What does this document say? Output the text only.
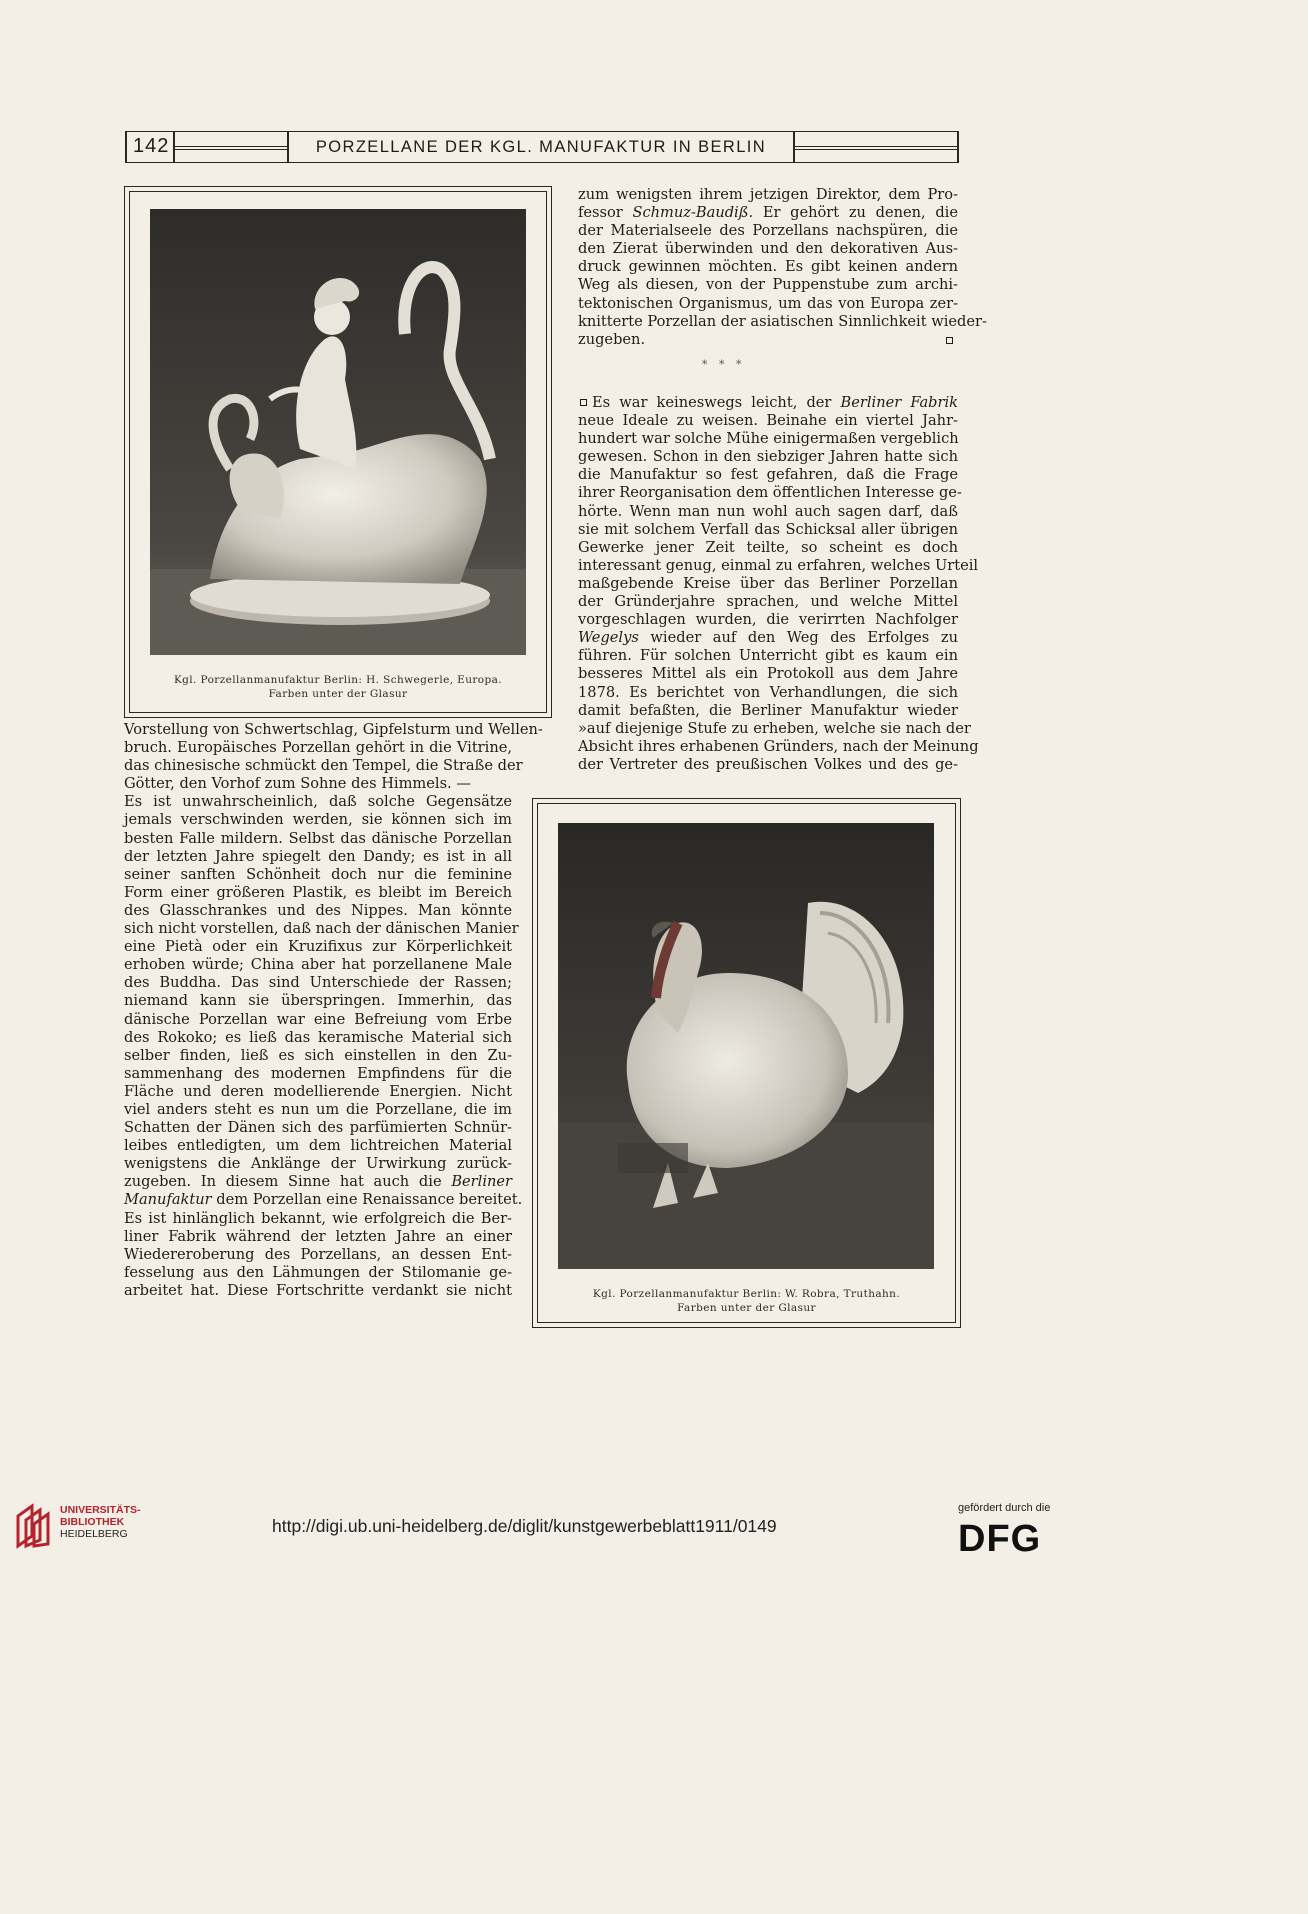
142	PORZELLANE DER KGL. MANUFAKTUR IN BERLIN
Kgl. Porzellanmanufaktur Berlin: H. Schwegerle, Europa.
Farben unter der Glasur
Kgl. Porzellanmanufaktur Berlin: W. Robra, Truthahn.
Farben unter der Glasur
zum wenigsten ihrem jetzigen Direktor, dem Pro-
fessor Schmuz-Baudiß. Er gehört zu denen, die
der Materialseele des Porzellans nachspüren, die
den Zierat überwinden und den dekorativen Aus-
druck gewinnen möchten. Es gibt keinen andern
Weg als diesen, von der Puppenstube zum archi-
tektonischen Organismus, um das von Europa zer-
knitterte Porzellan der asiatischen Sinnlichkeit wieder-
zugeben.
* * *
Es war keineswegs leicht, der Berliner Fabrik
neue Ideale zu weisen. Beinahe ein viertel Jahr-
hundert war solche Mühe einigermaßen vergeblich
gewesen. Schon in den siebziger Jahren hatte sich
die Manufaktur so fest gefahren, daß die Frage
ihrer Reorganisation dem öffentlichen Interesse ge-
hörte. Wenn man nun wohl auch sagen darf, daß
sie mit solchem Verfall das Schicksal aller übrigen
Gewerke jener Zeit teilte, so scheint es doch
interessant genug, einmal zu erfahren, welches Urteil
maßgebende Kreise über das Berliner Porzellan
der Gründerjahre sprachen, und welche Mittel
vorgeschlagen wurden, die verirrten Nachfolger
Wegelys wieder auf den Weg des Erfolges zu
führen. Für solchen Unterricht gibt es kaum ein
besseres Mittel als ein Protokoll aus dem Jahre
1878. Es berichtet von Verhandlungen, die sich
damit befaßten, die Berliner Manufaktur wieder
»auf diejenige Stufe zu erheben, welche sie nach der
Absicht ihres erhabenen Gründers, nach der Meinung
der Vertreter des preußischen Volkes und des ge-
Vorstellung von Schwertschlag, Gipfelsturm und Wellen-
bruch. Europäisches Porzellan gehört in die Vitrine,
das chinesische schmückt den Tempel, die Straße der
Götter, den Vorhof zum Sohne des Himmels. —
Es ist unwahrscheinlich, daß solche Gegensätze
jemals verschwinden werden, sie können sich im
besten Falle mildern. Selbst das dänische Porzellan
der letzten Jahre spiegelt den Dandy; es ist in all
seiner sanften Schönheit doch nur die feminine
Form einer größeren Plastik, es bleibt im Bereich
des Glasschrankes und des Nippes. Man könnte
sich nicht vorstellen, daß nach der dänischen Manier
eine Pietà oder ein Kruzifixus zur Körperlichkeit
erhoben würde; China aber hat porzellanene Male
des Buddha. Das sind Unterschiede der Rassen;
niemand kann sie überspringen. Immerhin, das
dänische Porzellan war eine Befreiung vom Erbe
des Rokoko; es ließ das keramische Material sich
selber finden, ließ es sich einstellen in den Zu-
sammenhang des modernen Empfindens für die
Fläche und deren modellierende Energien. Nicht
viel anders steht es nun um die Porzellane, die im
Schatten der Dänen sich des parfümierten Schnür-
leibes entledigten, um dem lichtreichen Material
wenigstens die Anklänge der Urwirkung zurück-
zugeben. In diesem Sinne hat auch die Berliner
Manufaktur dem Porzellan eine Renaissance bereitet.
Es ist hinlänglich bekannt, wie erfolgreich die Ber-
liner Fabrik während der letzten Jahre an einer
Wiedereroberung des Porzellans, an dessen Ent-
fesselung aus den Lähmungen der Stilomanie ge-
arbeitet hat. Diese Fortschritte verdankt sie nicht
UNIVERSITÄTS-
BIBLIOTHEK
HEIDELBERG	http://digi.ub.uni-heidelberg.de/diglit/kunstgewerbeblatt1911/0149
gefördert durch die
DFG
